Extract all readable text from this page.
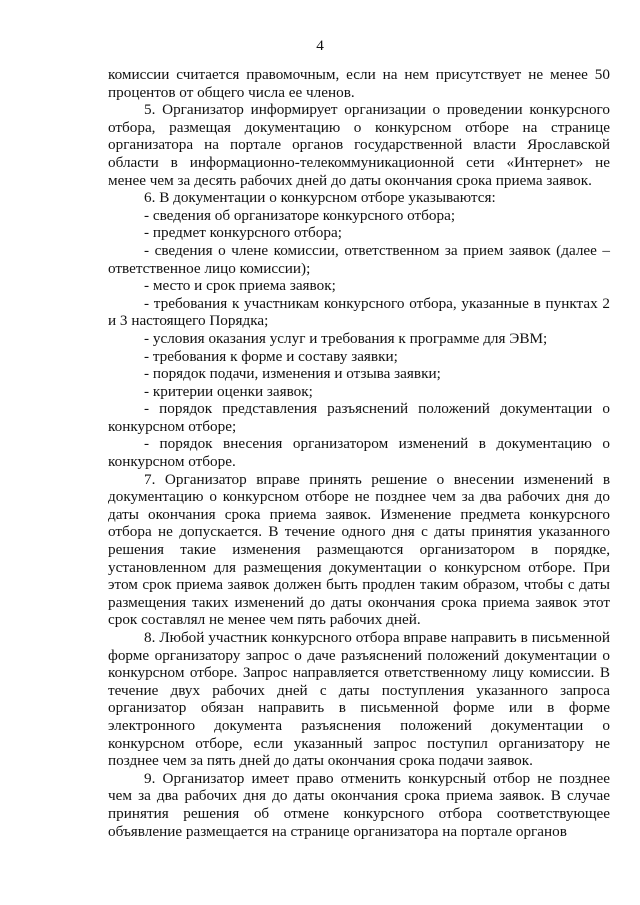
4

комиссии считается правомочным, если на нем присутствует не менее 50 процентов от общего числа ее членов.

5. Организатор информирует организации о проведении конкурсного отбора, размещая документацию о конкурсном отборе на странице организатора на портале органов государственной власти Ярославской области в информационно-телекоммуникационной сети «Интернет» не менее чем за десять рабочих дней до даты окончания срока приема заявок.

6. В документации о конкурсном отборе указываются:

- сведения об организаторе конкурсного отбора;

- предмет конкурсного отбора;

- сведения о члене комиссии, ответственном за прием заявок (далее – ответственное лицо комиссии);

- место и срок приема заявок;

- требования к участникам конкурсного отбора, указанные в пунктах 2 и 3 настоящего Порядка;

- условия оказания услуг и требования к программе для ЭВМ;

- требования к форме и составу заявки;

- порядок подачи, изменения и отзыва заявки;

- критерии оценки заявок;

- порядок представления разъяснений положений документации о конкурсном отборе;

- порядок внесения организатором изменений в документацию о конкурсном отборе.

7. Организатор вправе принять решение о внесении изменений в документацию о конкурсном отборе не позднее чем за два рабочих дня до даты окончания срока приема заявок. Изменение предмета конкурсного отбора не допускается. В течение одного дня с даты принятия указанного решения такие изменения размещаются организатором в порядке, установленном для размещения документации о конкурсном отборе. При этом срок приема заявок должен быть продлен таким образом, чтобы с даты размещения таких изменений до даты окончания срока приема заявок этот срок составлял не менее чем пять рабочих дней.

8. Любой участник конкурсного отбора вправе направить в письменной форме организатору запрос о даче разъяснений положений документации о конкурсном отборе. Запрос направляется ответственному лицу комиссии. В течение двух рабочих дней с даты поступления указанного запроса организатор обязан направить в письменной форме или в форме электронного документа разъяснения положений документации о конкурсном отборе, если указанный запрос поступил организатору не позднее чем за пять дней до даты окончания срока подачи заявок.

9. Организатор имеет право отменить конкурсный отбор не позднее чем за два рабочих дня до даты окончания срока приема заявок. В случае принятия решения об отмене конкурсного отбора соответствующее объявление размещается на странице организатора на портале органов
